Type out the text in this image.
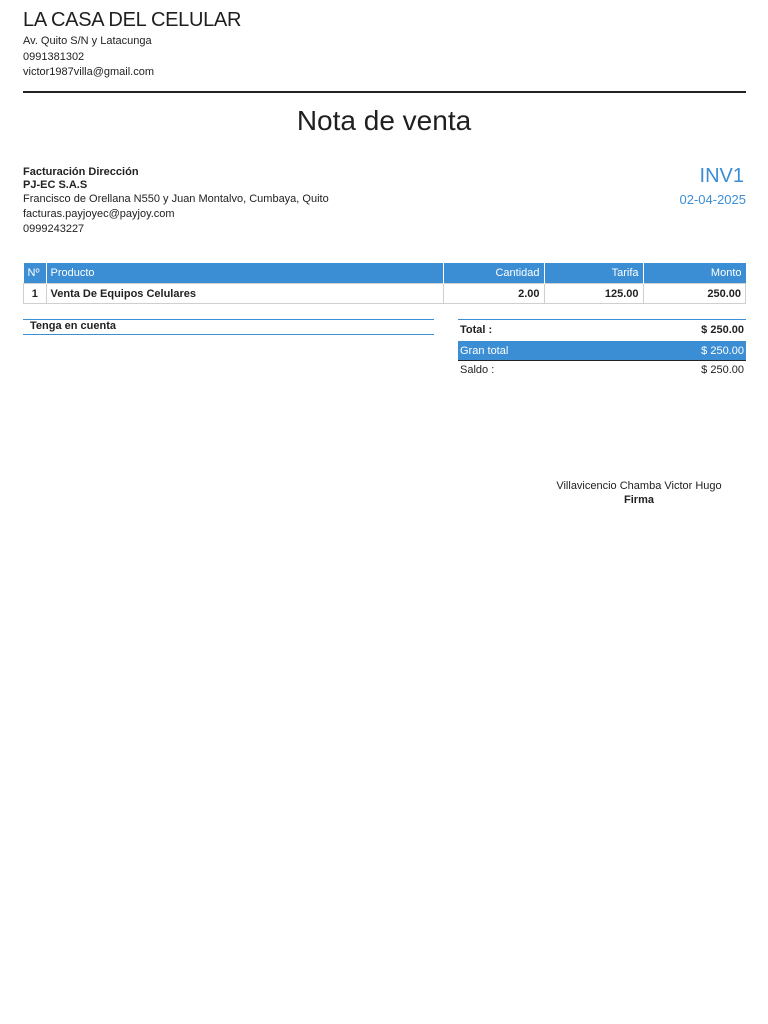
LA CASA DEL CELULAR
Av. Quito S/N y Latacunga
0991381302
victor1987villa@gmail.com
Nota de venta
Facturación Dirección
PJ-EC S.A.S
Francisco de Orellana N550 y Juan Montalvo, Cumbaya, Quito
facturas.payjoyec@payjoy.com
0999243227
INV1
02-04-2025
Nº	Producto	Cantidad	Tarifa	Monto
1	Venta De Equipos Celulares	2.00	125.00	250.00
Tenga en cuenta	Total :	$ 250.00
Gran total	$ 250.00
Saldo :	$ 250.00
Villavicencio Chamba Victor Hugo
Firma
